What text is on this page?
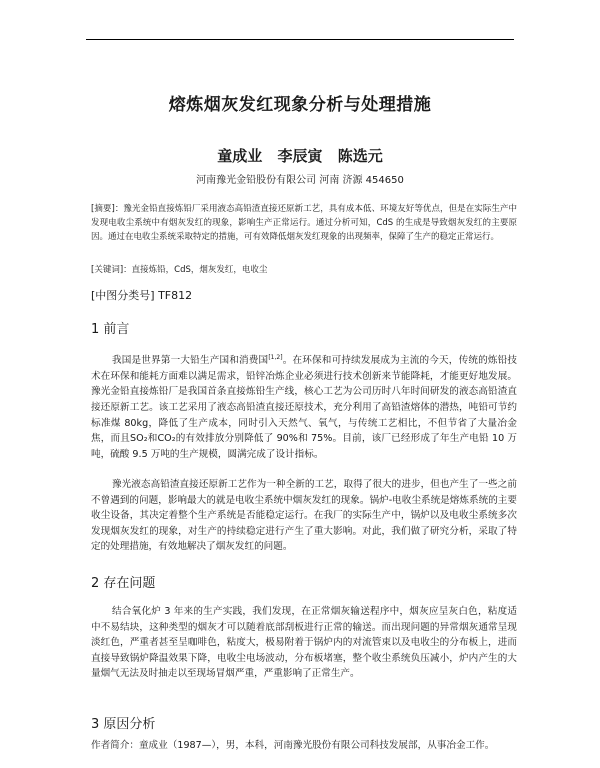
熔炼烟灰发红现象分析与处理措施
童成业 李辰寅 陈选元
河南豫光金铅股份有限公司 河南 济源 454650
[摘要]：豫光金铅直接炼铅厂采用液态高铅渣直接还原新工艺，具有成本低、环境友好等优点，但是在实际生产中发现电收尘系统中有烟灰发红的现象，影响生产正常运行。通过分析可知，CdS 的生成是导致烟灰发红的主要原因。通过在电收尘系统采取特定的措施，可有效降低烟灰发红现象的出现频率，保障了生产的稳定正常运行。
[关键词]：直接炼铅，CdS，烟灰发红，电收尘
[中图分类号] TF812
1 前言
我国是世界第一大铅生产国和消费国[1,2]。在环保和可持续发展成为主流的今天，传统的炼铅技术在环保和能耗方面难以满足需求，铅锌冶炼企业必须进行技术创新来节能降耗，才能更好地发展。豫光金铅直接炼铅厂是我国首条直接炼铅生产线，核心工艺为公司历时八年时间研发的液态高铅渣直接还原新工艺。该工艺采用了液态高铅渣直接还原技术，充分利用了高铅渣熔体的潜热，吨铅可节约标准煤 80kg，降低了生产成本，同时引入天然气、氧气，与传统工艺相比，不但节省了大量冶金焦，而且SO₂和CO₂的有效排放分别降低了 90%和 75%。目前，该厂已经形成了年生产电铅 10 万吨，硫酸 9.5 万吨的生产规模，圆满完成了设计指标。
豫光液态高铅渣直接还原新工艺作为一种全新的工艺，取得了很大的进步，但也产生了一些之前不曾遇到的问题，影响最大的就是电收尘系统中烟灰发红的现象。锅炉-电收尘系统是熔炼系统的主要收尘设备，其决定着整个生产系统是否能稳定运行。在我厂的实际生产中，锅炉以及电收尘系统多次发现烟灰发红的现象，对生产的持续稳定进行产生了重大影响。对此，我们做了研究分析，采取了特定的处理措施，有效地解决了烟灰发红的问题。
2 存在问题
结合氧化炉 3 年来的生产实践，我们发现，在正常烟灰输送程序中，烟灰应呈灰白色，粘度适中不易结块，这种类型的烟灰才可以随着底部刮板进行正常的输送。而出现问题的异常烟灰通常呈现淡红色，严重者甚至呈咖啡色，粘度大，极易附着于锅炉内的对流管束以及电收尘的分布板上，进而直接导致锅炉降温效果下降，电收尘电场波动，分布板堵塞，整个收尘系统负压减小，炉内产生的大量烟气无法及时抽走以至现场冒烟严重，严重影响了正常生产。
3 原因分析
作者简介：童成业（1987—），男，本科，河南豫光股份有限公司科技发展部，从事冶金工作。
